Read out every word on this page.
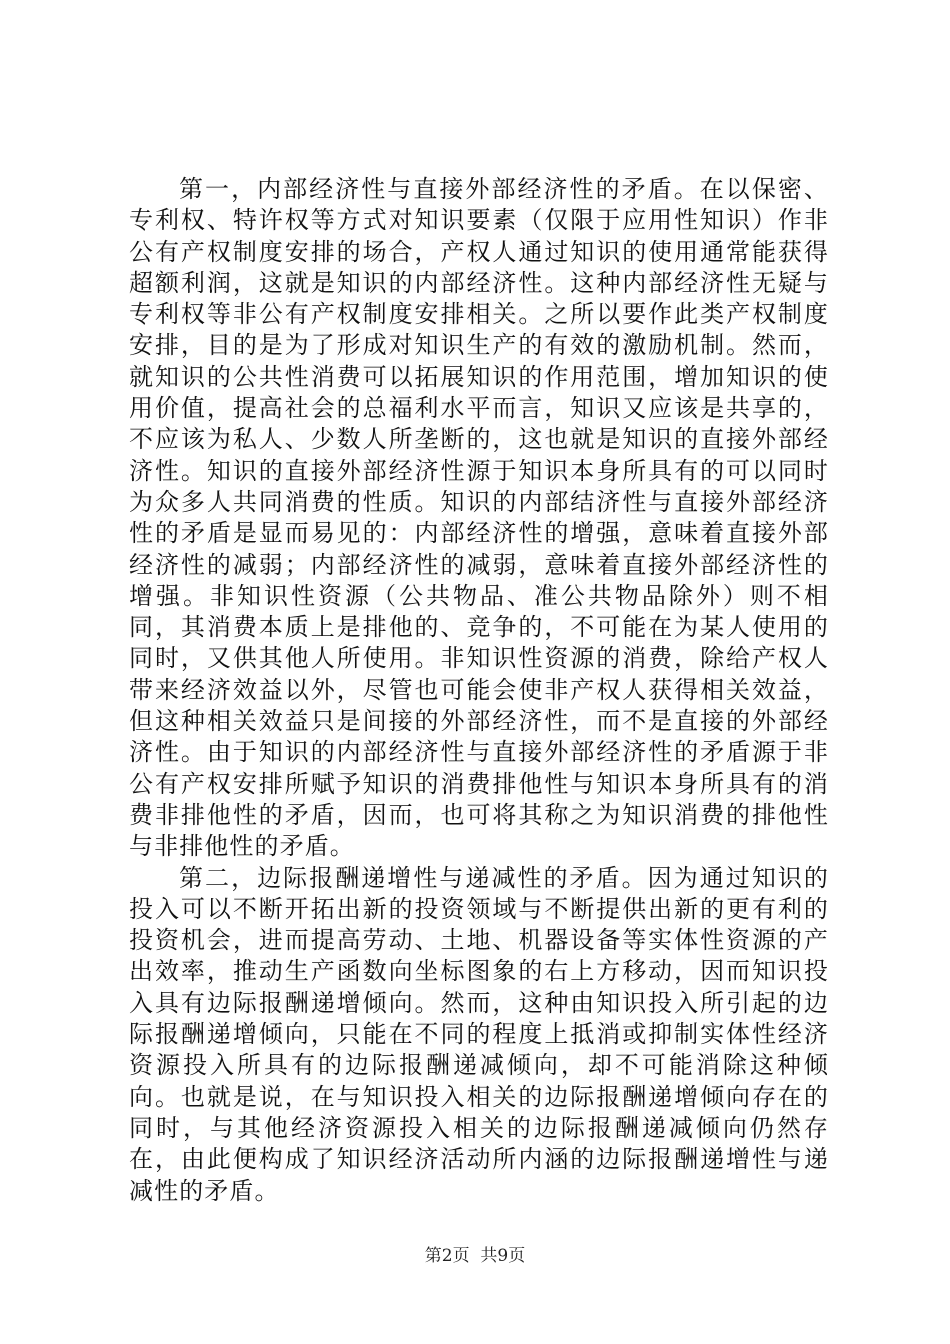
第一，内部经济性与直接外部经济性的矛盾。在以保密、专利权、特许权等方式对知识要素（仅限于应用性知识）作非公有产权制度安排的场合，产权人通过知识的使用通常能获得超额利润，这就是知识的内部经济性。这种内部经济性无疑与专利权等非公有产权制度安排相关。之所以要作此类产权制度安排，目的是为了形成对知识生产的有效的激励机制。然而，就知识的公共性消费可以拓展知识的作用范围，增加知识的使用价值，提高社会的总福利水平而言，知识又应该是共享的，不应该为私人、少数人所垄断的，这也就是知识的直接外部经济性。知识的直接外部经济性源于知识本身所具有的可以同时为众多人共同消费的性质。知识的内部结济性与直接外部经济性的矛盾是显而易见的：内部经济性的增强，意味着直接外部经济性的减弱；内部经济性的减弱，意味着直接外部经济性的增强。非知识性资源（公共物品、准公共物品除外）则不相同，其消费本质上是排他的、竞争的，不可能在为某人使用的同时，又供其他人所使用。非知识性资源的消费，除给产权人带来经济效益以外，尽管也可能会使非产权人获得相关效益，但这种相关效益只是间接的外部经济性，而不是直接的外部经济性。由于知识的内部经济性与直接外部经济性的矛盾源于非公有产权安排所赋予知识的消费排他性与知识本身所具有的消费非排他性的矛盾，因而，也可将其称之为知识消费的排他性与非排他性的矛盾。

第二，边际报酬递增性与递减性的矛盾。因为通过知识的投入可以不断开拓出新的投资领域与不断提供出新的更有利的投资机会，进而提高劳动、土地、机器设备等实体性资源的产出效率，推动生产函数向坐标图象的右上方移动，因而知识投入具有边际报酬递增倾向。然而，这种由知识投入所引起的边际报酬递增倾向，只能在不同的程度上抵消或抑制实体性经济资源投入所具有的边际报酬递减倾向，却不可能消除这种倾向。也就是说，在与知识投入相关的边际报酬递增倾向存在的同时，与其他经济资源投入相关的边际报酬递减倾向仍然存在，由此便构成了知识经济活动所内涵的边际报酬递增性与递减性的矛盾。

第2页 共9页
